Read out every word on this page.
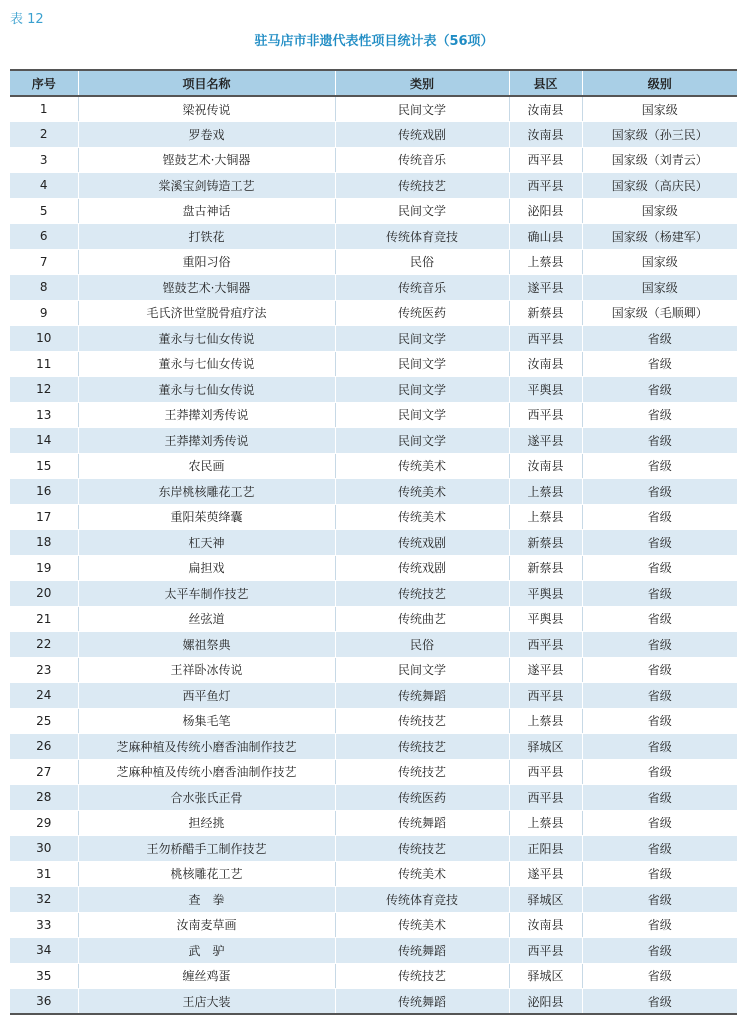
表 12
驻马店市非遗代表性项目统计表（56项）
序号	项目名称	类别	县区	级别
1	梁祝传说	民间文学	汝南县	国家级
2	罗卷戏	传统戏剧	汝南县	国家级（孙三民）
3	铿鼓艺术·大铜器	传统音乐	西平县	国家级（刘青云）
4	棠溪宝剑铸造工艺	传统技艺	西平县	国家级（高庆民）
5	盘古神话	民间文学	泌阳县	国家级
6	打铁花	传统体育竞技	确山县	国家级（杨建军）
7	重阳习俗	民俗	上蔡县	国家级
8	铿鼓艺术·大铜器	传统音乐	遂平县	国家级
9	毛氏济世堂脱骨疽疗法	传统医药	新蔡县	国家级（毛顺卿）
10	董永与七仙女传说	民间文学	西平县	省级
11	董永与七仙女传说	民间文学	汝南县	省级
12	董永与七仙女传说	民间文学	平舆县	省级
13	王莽撵刘秀传说	民间文学	西平县	省级
14	王莽撵刘秀传说	民间文学	遂平县	省级
15	农民画	传统美术	汝南县	省级
16	东岸桃核雕花工艺	传统美术	上蔡县	省级
17	重阳茱萸绛囊	传统美术	上蔡县	省级
18	杠天神	传统戏剧	新蔡县	省级
19	扁担戏	传统戏剧	新蔡县	省级
20	太平车制作技艺	传统技艺	平舆县	省级
21	丝弦道	传统曲艺	平舆县	省级
22	嫘祖祭典	民俗	西平县	省级
23	王祥卧冰传说	民间文学	遂平县	省级
24	西平鱼灯	传统舞蹈	西平县	省级
25	杨集毛笔	传统技艺	上蔡县	省级
26	芝麻种植及传统小磨香油制作技艺	传统技艺	驿城区	省级
27	芝麻种植及传统小磨香油制作技艺	传统技艺	西平县	省级
28	合水张氏正骨	传统医药	西平县	省级
29	担经挑	传统舞蹈	上蔡县	省级
30	王勿桥醋手工制作技艺	传统技艺	正阳县	省级
31	桃核雕花工艺	传统美术	遂平县	省级
32	查　拳	传统体育竞技	驿城区	省级
33	汝南麦草画	传统美术	汝南县	省级
34	武　驴	传统舞蹈	西平县	省级
35	缠丝鸡蛋	传统技艺	驿城区	省级
36	王店大装	传统舞蹈	泌阳县	省级
